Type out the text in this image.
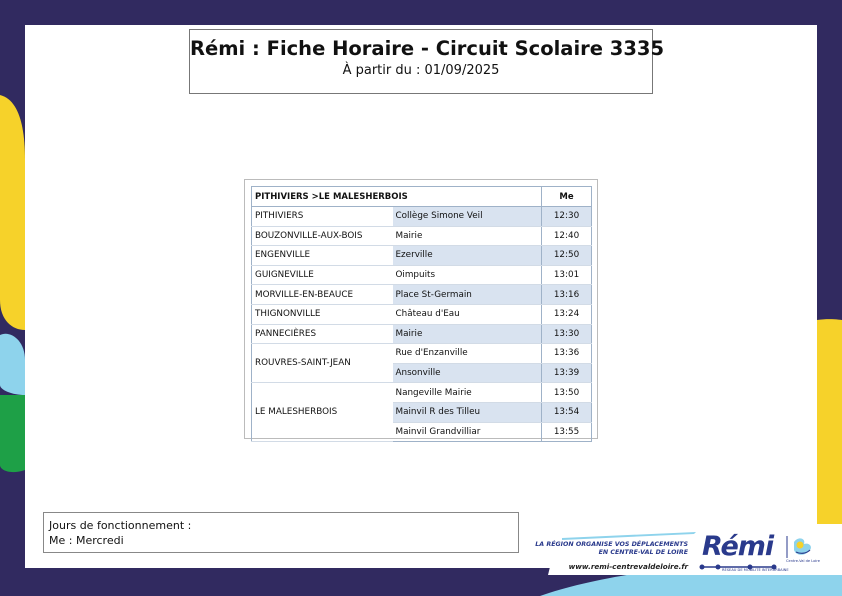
Rémi : Fiche Horaire - Circuit Scolaire 3335
À partir du : 01/09/2025
PITHIVIERS >LE MALESHERBOIS		Me
PITHIVIERS	Collège Simone Veil	12:30
BOUZONVILLE-AUX-BOIS	Mairie	12:40
ENGENVILLE	Ezerville	12:50
GUIGNEVILLE	Oimpuits	13:01
MORVILLE-EN-BEAUCE	Place St-Germain	13:16
THIGNONVILLE	Château d'Eau	13:24
PANNECIÈRES	Mairie	13:30
ROUVRES-SAINT-JEAN	Rue d'Enzanville	13:36
	Ansonville	13:39
LE MALESHERBOIS	Nangeville Mairie	13:50
	Mainvil R des Tilleu	13:54
	Mainvil Grandvilliar	13:55
Jours de fonctionnement :
Me : Mercredi	LA RÉGION ORGANISE VOS DÉPLACEMENTS
EN CENTRE-VAL DE LOIRE
www.remi-centrevaldeloire.fr
Rémi
RÉSEAU DE MOBILITÉ INTERURBAINE
Centre-Val de Loire
